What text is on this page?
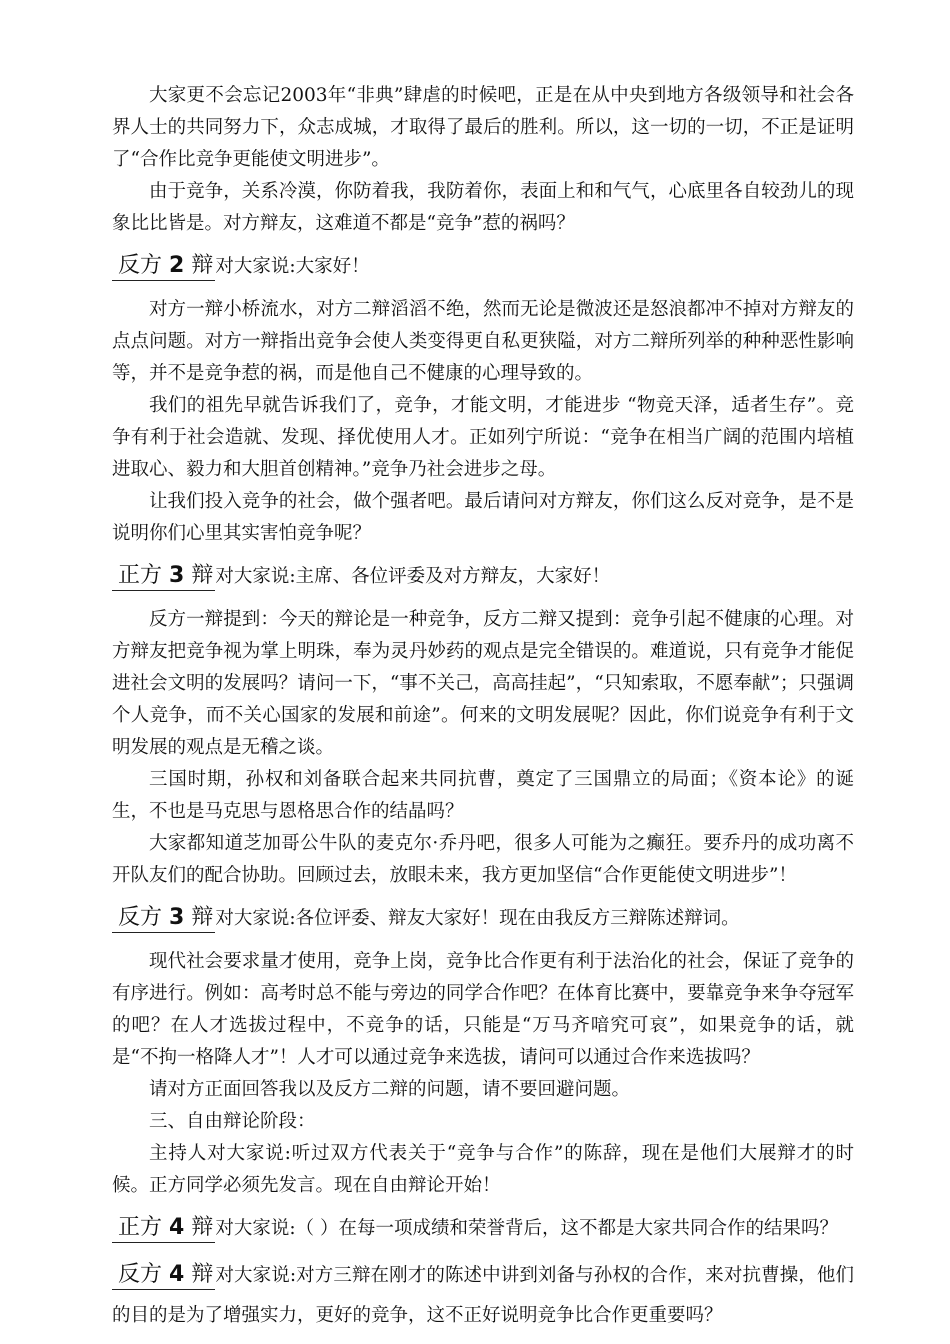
大家更不会忘记2003年“非典”肆虐的时候吧，正是在从中央到地方各级领导和社会各界人士的共同努力下，众志成城，才取得了最后的胜利。所以，这一切的一切，不正是证明了“合作比竞争更能使文明进步”。

由于竞争，关系冷漠，你防着我，我防着你，表面上和和气气，心底里各自较劲儿的现象比比皆是。对方辩友，这难道不都是“竞争”惹的祸吗？

反方 2 辩 对大家说:大家好！

对方一辩小桥流水，对方二辩滔滔不绝，然而无论是微波还是怒浪都冲不掉对方辩友的点点问题。对方一辩指出竞争会使人类变得更自私更狭隘，对方二辩所列举的种种恶性影响等，并不是竞争惹的祸，而是他自己不健康的心理导致的。

我们的祖先早就告诉我们了，竞争，才能文明，才能进步 “物竞天泽，适者生存”。竞争有利于社会造就、发现、择优使用人才。正如列宁所说：“竞争在相当广阔的范围内培植进取心、毅力和大胆首创精神。”竞争乃社会进步之母。

让我们投入竞争的社会，做个强者吧。最后请问对方辩友，你们这么反对竞争，是不是说明你们心里其实害怕竞争呢？

正方 3 辩 对大家说:主席、各位评委及对方辩友，大家好！

反方一辩提到：今天的辩论是一种竞争，反方二辩又提到：竞争引起不健康的心理。对方辩友把竞争视为掌上明珠，奉为灵丹妙药的观点是完全错误的。难道说，只有竞争才能促进社会文明的发展吗？请问一下，“事不关己，高高挂起”，“只知索取，不愿奉献”；只强调个人竞争，而不关心国家的发展和前途”。何来的文明发展呢？因此，你们说竞争有利于文明发展的观点是无稽之谈。

三国时期，孙权和刘备联合起来共同抗曹，奠定了三国鼎立的局面；《资本论》的诞生，不也是马克思与恩格思合作的结晶吗？

大家都知道芝加哥公牛队的麦克尔·乔丹吧，很多人可能为之癫狂。要乔丹的成功离不开队友们的配合协助。回顾过去，放眼未来，我方更加坚信“合作更能使文明进步”！

反方 3 辩 对大家说:各位评委、辩友大家好！现在由我反方三辩陈述辩词。

现代社会要求量才使用，竞争上岗，竞争比合作更有利于法治化的社会，保证了竞争的有序进行。例如：高考时总不能与旁边的同学合作吧？在体育比赛中，要靠竞争来争夺冠军的吧？在人才选拔过程中，不竞争的话，只能是“万马齐喑究可哀”，如果竞争的话，就是“不拘一格降人才”！人才可以通过竞争来选拔，请问可以通过合作来选拔吗？

请对方正面回答我以及反方二辩的问题，请不要回避问题。

三、自由辩论阶段：

主持人对大家说:听过双方代表关于“竞争与合作”的陈辞，现在是他们大展辩才的时候。正方同学必须先发言。现在自由辩论开始！

正方 4 辩 对大家说:（ ）在每一项成绩和荣誉背后，这不都是大家共同合作的结果吗？
反方 4 辩 对大家说:对方三辩在刚才的陈述中讲到刘备与孙权的合作，来对抗曹操，他们的目的是为了增强实力，更好的竞争，这不正好说明竞争比合作更重要吗？
